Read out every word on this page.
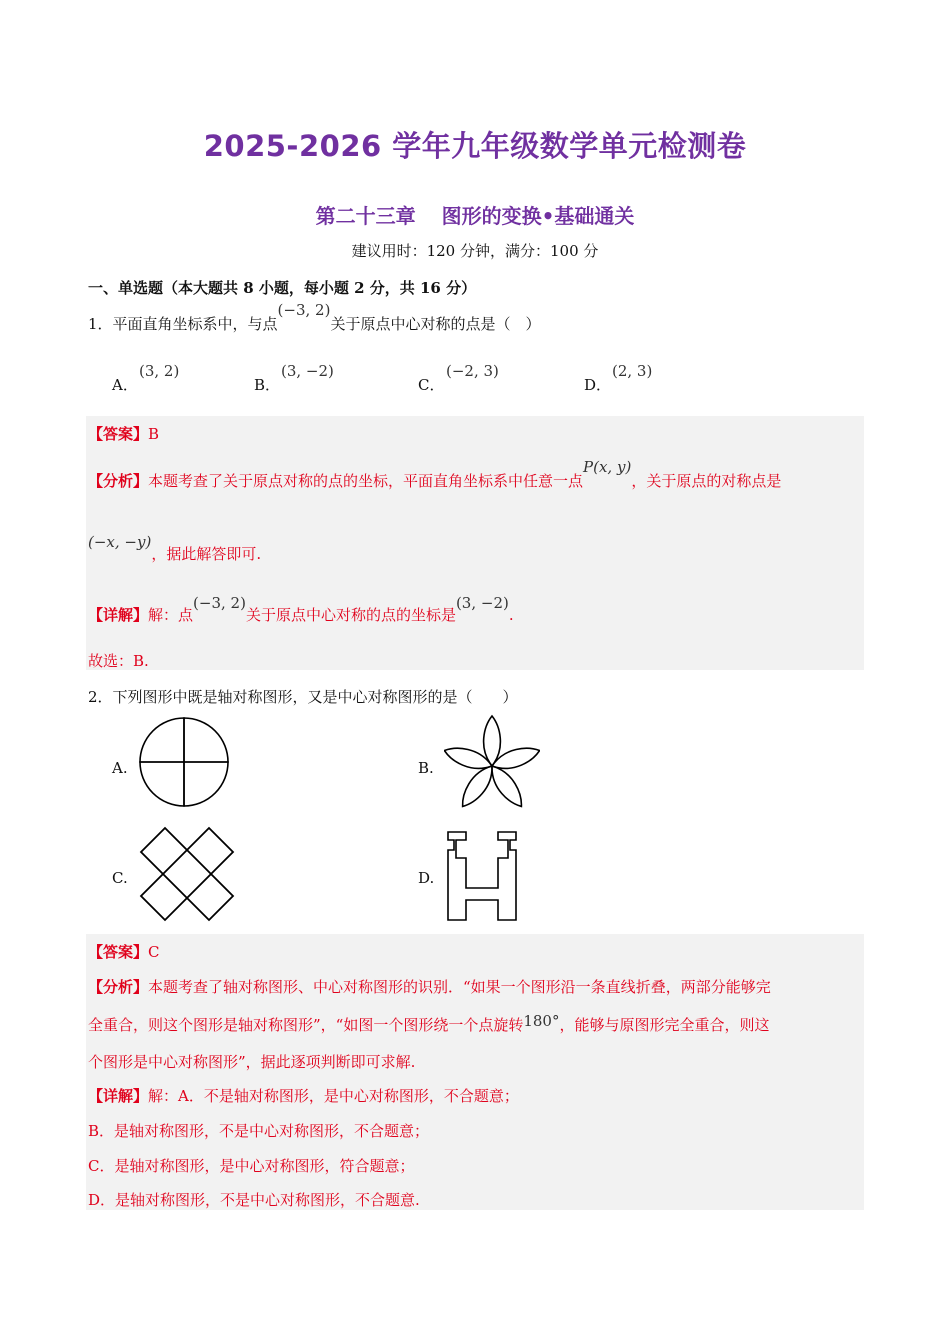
2025-2026 学年九年级数学单元检测卷
第二十三章 图形的变换•基础通关
建议用时：120 分钟，满分：100 分
一、单选题（本大题共 8 小题，每小题 2 分，共 16 分）
1．平面直角坐标系中，与点(−3, 2)关于原点中心对称的点是（　）
A．
(3, 2)
B．
(3, −2)
C．
(−2, 3)
D．
(2, 3)
【答案】B
【分析】本题考查了关于原点对称的点的坐标，平面直角坐标系中任意一点P(x, y)，关于原点的对称点是
(−x, −y)，据此解答即可.
【详解】解：点(−3, 2)关于原点中心对称的点的坐标是(3, −2).
故选：B.
2．下列图形中既是轴对称图形，又是中心对称图形的是（　　）
A.	B.
C.	D.
【答案】C
【分析】本题考查了轴对称图形、中心对称图形的识别．“如果一个图形沿一条直线折叠，两部分能够完
全重合，则这个图形是轴对称图形”，“如图一个图形绕一个点旋转180°，能够与原图形完全重合，则这
个图形是中心对称图形”，据此逐项判断即可求解.
【详解】解：A．不是轴对称图形，是中心对称图形，不合题意；
B．是轴对称图形，不是中心对称图形，不合题意；
C．是轴对称图形，是中心对称图形，符合题意；
D．是轴对称图形，不是中心对称图形，不合题意.
